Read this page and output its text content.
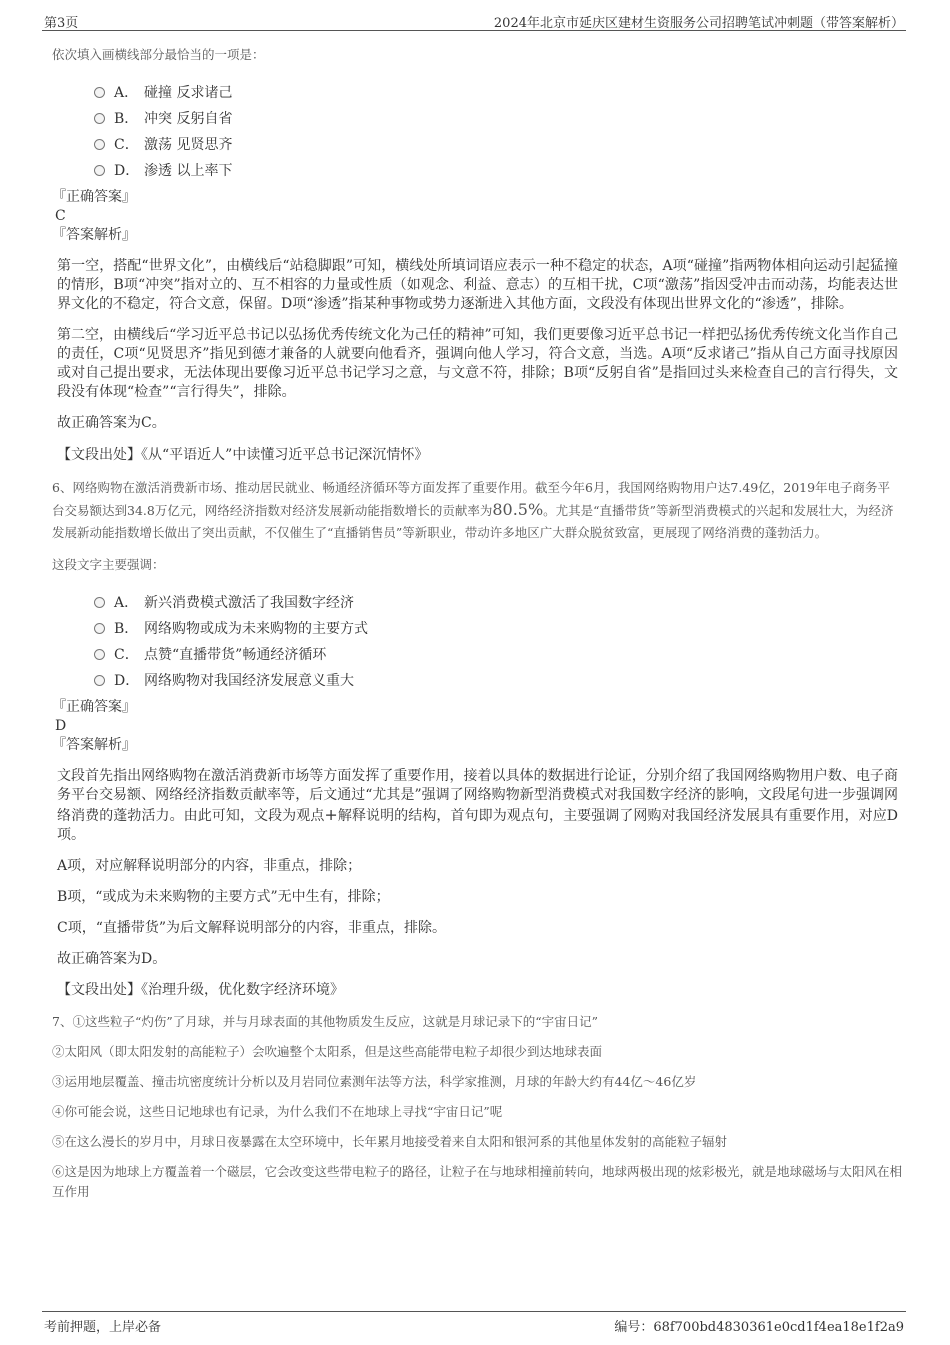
第3页	2024年北京市延庆区建材生资服务公司招聘笔试冲刺题（带答案解析）
依次填入画横线部分最恰当的一项是：
A． 碰撞 反求诸己
B． 冲突 反躬自省
C． 激荡 见贤思齐
D． 渗透 以上率下
『正确答案』
C
『答案解析』
第一空，搭配“世界文化”，由横线后“站稳脚跟”可知，横线处所填词语应表示一种不稳定的状态，A项“碰撞”指两物体相向运动引起猛撞的情形，B项“冲突”指对立的、互不相容的力量或性质（如观念、利益、意志）的互相干扰，C项“激荡”指因受冲击而动荡，均能表达世界文化的不稳定，符合文意，保留。D项“渗透”指某种事物或势力逐渐进入其他方面，文段没有体现出世界文化的“渗透”，排除。
第二空，由横线后“学习近平总书记以弘扬优秀传统文化为己任的精神”可知，我们更要像习近平总书记一样把弘扬优秀传统文化当作自己的责任，C项“见贤思齐”指见到德才兼备的人就要向他看齐，强调向他人学习，符合文意，当选。A项“反求诸己”指从自己方面寻找原因或对自己提出要求，无法体现出要像习近平总书记学习之意，与文意不符，排除；B项“反躬自省”是指回过头来检查自己的言行得失，文段没有体现“检查”“言行得失”，排除。
故正确答案为C。
【文段出处】《从“平语近人”中读懂习近平总书记深沉情怀》
6、网络购物在激活消费新市场、推动居民就业、畅通经济循环等方面发挥了重要作用。截至今年6月，我国网络购物用户达7.49亿，2019年电子商务平台交易额达到34.8万亿元，网络经济指数对经济发展新动能指数增长的贡献率为80.5%。尤其是“直播带货”等新型消费模式的兴起和发展壮大，为经济发展新动能指数增长做出了突出贡献，不仅催生了“直播销售员”等新职业，带动许多地区广大群众脱贫致富，更展现了网络消费的蓬勃活力。
这段文字主要强调：
A． 新兴消费模式激活了我国数字经济
B． 网络购物或成为未来购物的主要方式
C． 点赞“直播带货”畅通经济循环
D． 网络购物对我国经济发展意义重大
『正确答案』
D
『答案解析』
文段首先指出网络购物在激活消费新市场等方面发挥了重要作用，接着以具体的数据进行论证，分别介绍了我国网络购物用户数、电子商务平台交易额、网络经济指数贡献率等，后文通过“尤其是”强调了网络购物新型消费模式对我国数字经济的影响，文段尾句进一步强调网络消费的蓬勃活力。由此可知，文段为观点+解释说明的结构，首句即为观点句，主要强调了网购对我国经济发展具有重要作用，对应D项。
A项，对应解释说明部分的内容，非重点，排除；
B项，“或成为未来购物的主要方式”无中生有，排除；
C项，“直播带货”为后文解释说明部分的内容，非重点，排除。
故正确答案为D。
【文段出处】《治理升级，优化数字经济环境》
7、①这些粒子“灼伤”了月球，并与月球表面的其他物质发生反应，这就是月球记录下的“宇宙日记”
②太阳风（即太阳发射的高能粒子）会吹遍整个太阳系，但是这些高能带电粒子却很少到达地球表面
③运用地层覆盖、撞击坑密度统计分析以及月岩同位素测年法等方法，科学家推测，月球的年龄大约有44亿～46亿岁
④你可能会说，这些日记地球也有记录，为什么我们不在地球上寻找“宇宙日记”呢
⑤在这么漫长的岁月中，月球日夜暴露在太空环境中，长年累月地接受着来自太阳和银河系的其他星体发射的高能粒子辐射
⑥这是因为地球上方覆盖着一个磁层，它会改变这些带电粒子的路径，让粒子在与地球相撞前转向，地球两极出现的炫彩极光，就是地球磁场与太阳风在相互作用
考前押题，上岸必备	编号：68f700bd4830361e0cd1f4ea18e1f2a9
